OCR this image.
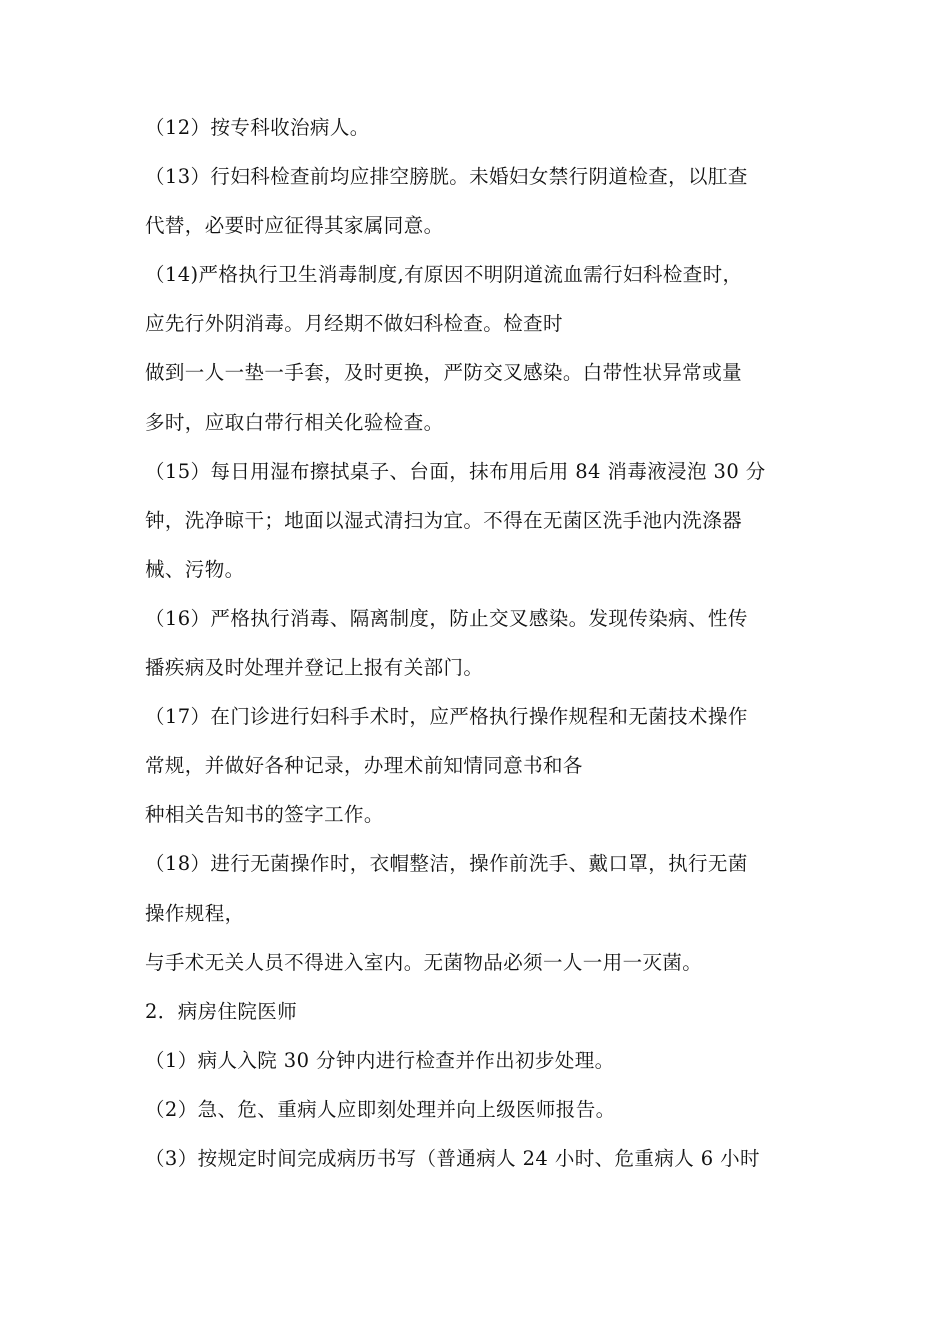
（12）按专科收治病人。
（13）行妇科检查前均应排空膀胱。未婚妇女禁行阴道检查，以肛查
代替，必要时应征得其家属同意。
（14)严格执行卫生消毒制度,有原因不明阴道流血需行妇科检查时，
应先行外阴消毒。月经期不做妇科检查。检查时
做到一人一垫一手套，及时更换，严防交叉感染。白带性状异常或量
多时，应取白带行相关化验检查。
（15）每日用湿布擦拭桌子、台面，抹布用后用 84 消毒液浸泡 30 分
钟，洗净晾干；地面以湿式清扫为宜。不得在无菌区洗手池内洗涤器
械、污物。
（16）严格执行消毒、隔离制度，防止交叉感染。发现传染病、性传
播疾病及时处理并登记上报有关部门。
（17）在门诊进行妇科手术时，应严格执行操作规程和无菌技术操作
常规，并做好各种记录，办理术前知情同意书和各
种相关告知书的签字工作。
（18）进行无菌操作时，衣帽整洁，操作前洗手、戴口罩，执行无菌
操作规程，
与手术无关人员不得进入室内。无菌物品必须一人一用一灭菌。
2．病房住院医师
（1）病人入院 30 分钟内进行检查并作出初步处理。
（2）急、危、重病人应即刻处理并向上级医师报告。
（3）按规定时间完成病历书写（普通病人 24 小时、危重病人 6 小时
